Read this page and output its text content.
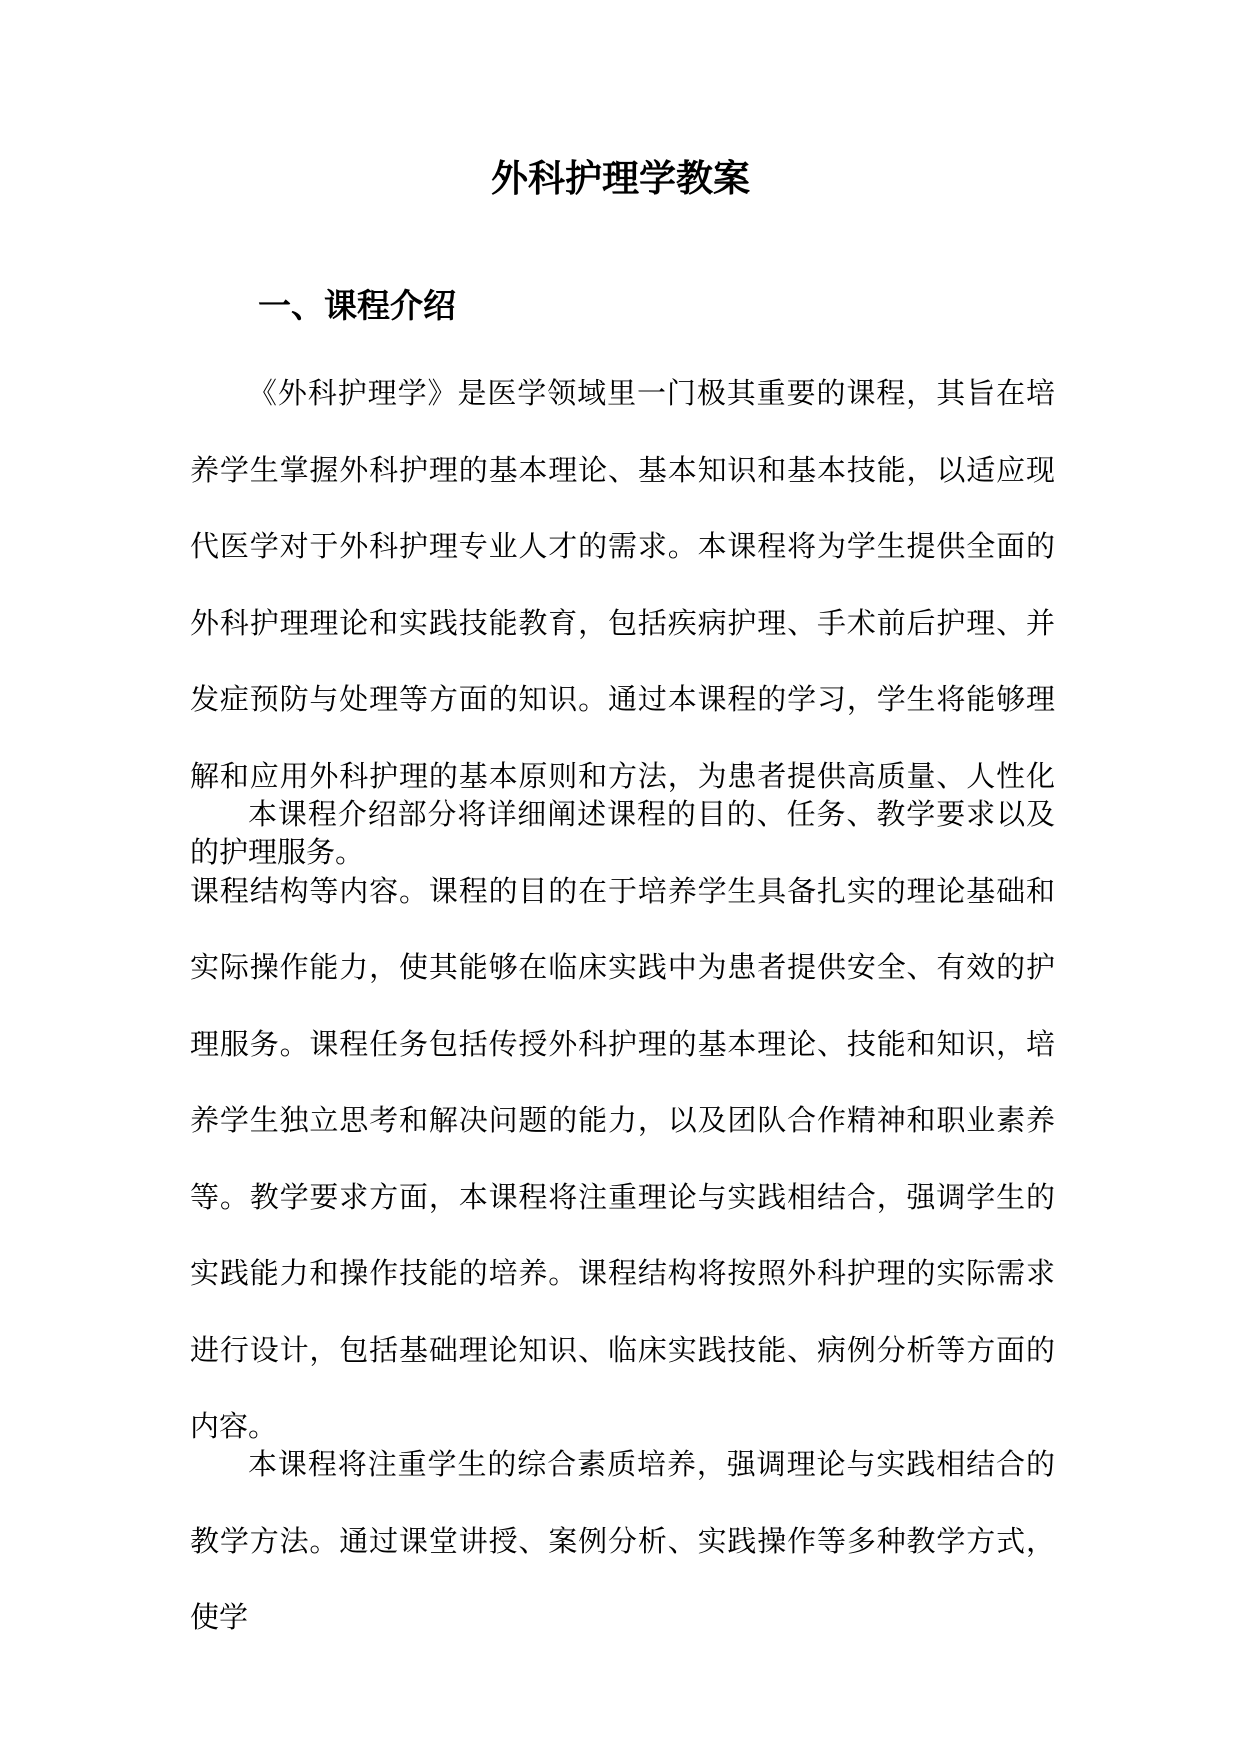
外科护理学教案
一、课程介绍

《外科护理学》是医学领域里一门极其重要的课程，其旨在培养学生掌握外科护理的基本理论、基本知识和基本技能，以适应现代医学对于外科护理专业人才的需求。本课程将为学生提供全面的外科护理理论和实践技能教育，包括疾病护理、手术前后护理、并发症预防与处理等方面的知识。通过本课程的学习，学生将能够理解和应用外科护理的基本原则和方法，为患者提供高质量、人性化的护理服务。

本课程介绍部分将详细阐述课程的目的、任务、教学要求以及课程结构等内容。课程的目的在于培养学生具备扎实的理论基础和实际操作能力，使其能够在临床实践中为患者提供安全、有效的护理服务。课程任务包括传授外科护理的基本理论、技能和知识，培养学生独立思考和解决问题的能力，以及团队合作精神和职业素养等。教学要求方面，本课程将注重理论与实践相结合，强调学生的实践能力和操作技能的培养。课程结构将按照外科护理的实际需求进行设计，包括基础理论知识、临床实践技能、病例分析等方面的内容。

本课程将注重学生的综合素质培养，强调理论与实践相结合的教学方法。通过课堂讲授、案例分析、实践操作等多种教学方式，使学
